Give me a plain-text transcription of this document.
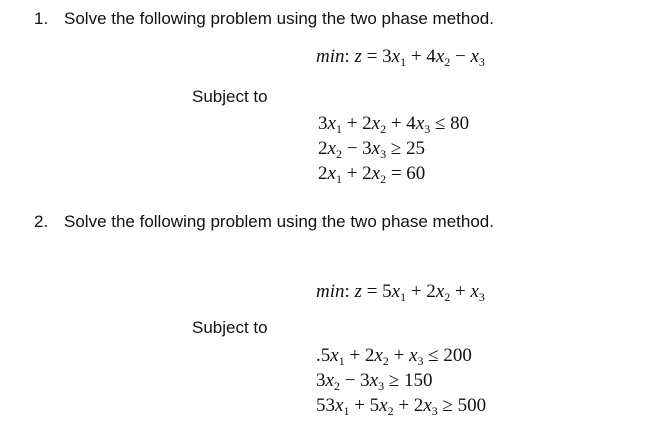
1. Solve the following problem using the two phase method.
min: $z = 3x_1 + 4x_2 - x_3$
Subject to
$3x_1 + 2x_2 + 4x_3 \le 80$
$2x_2 - 3x_3 \ge 25$
$2x_1 + 2x_2 = 60$
2. Solve the following problem using the two phase method.
min: $z = 5x_1 + 2x_2 + x_3$
Subject to
$.5x_1 + 2x_2 + x_3 \le 200$
$3x_2 - 3x_3 \ge 150$
$53x_1 + 5x_2 + 2x_3 \ge 500$
